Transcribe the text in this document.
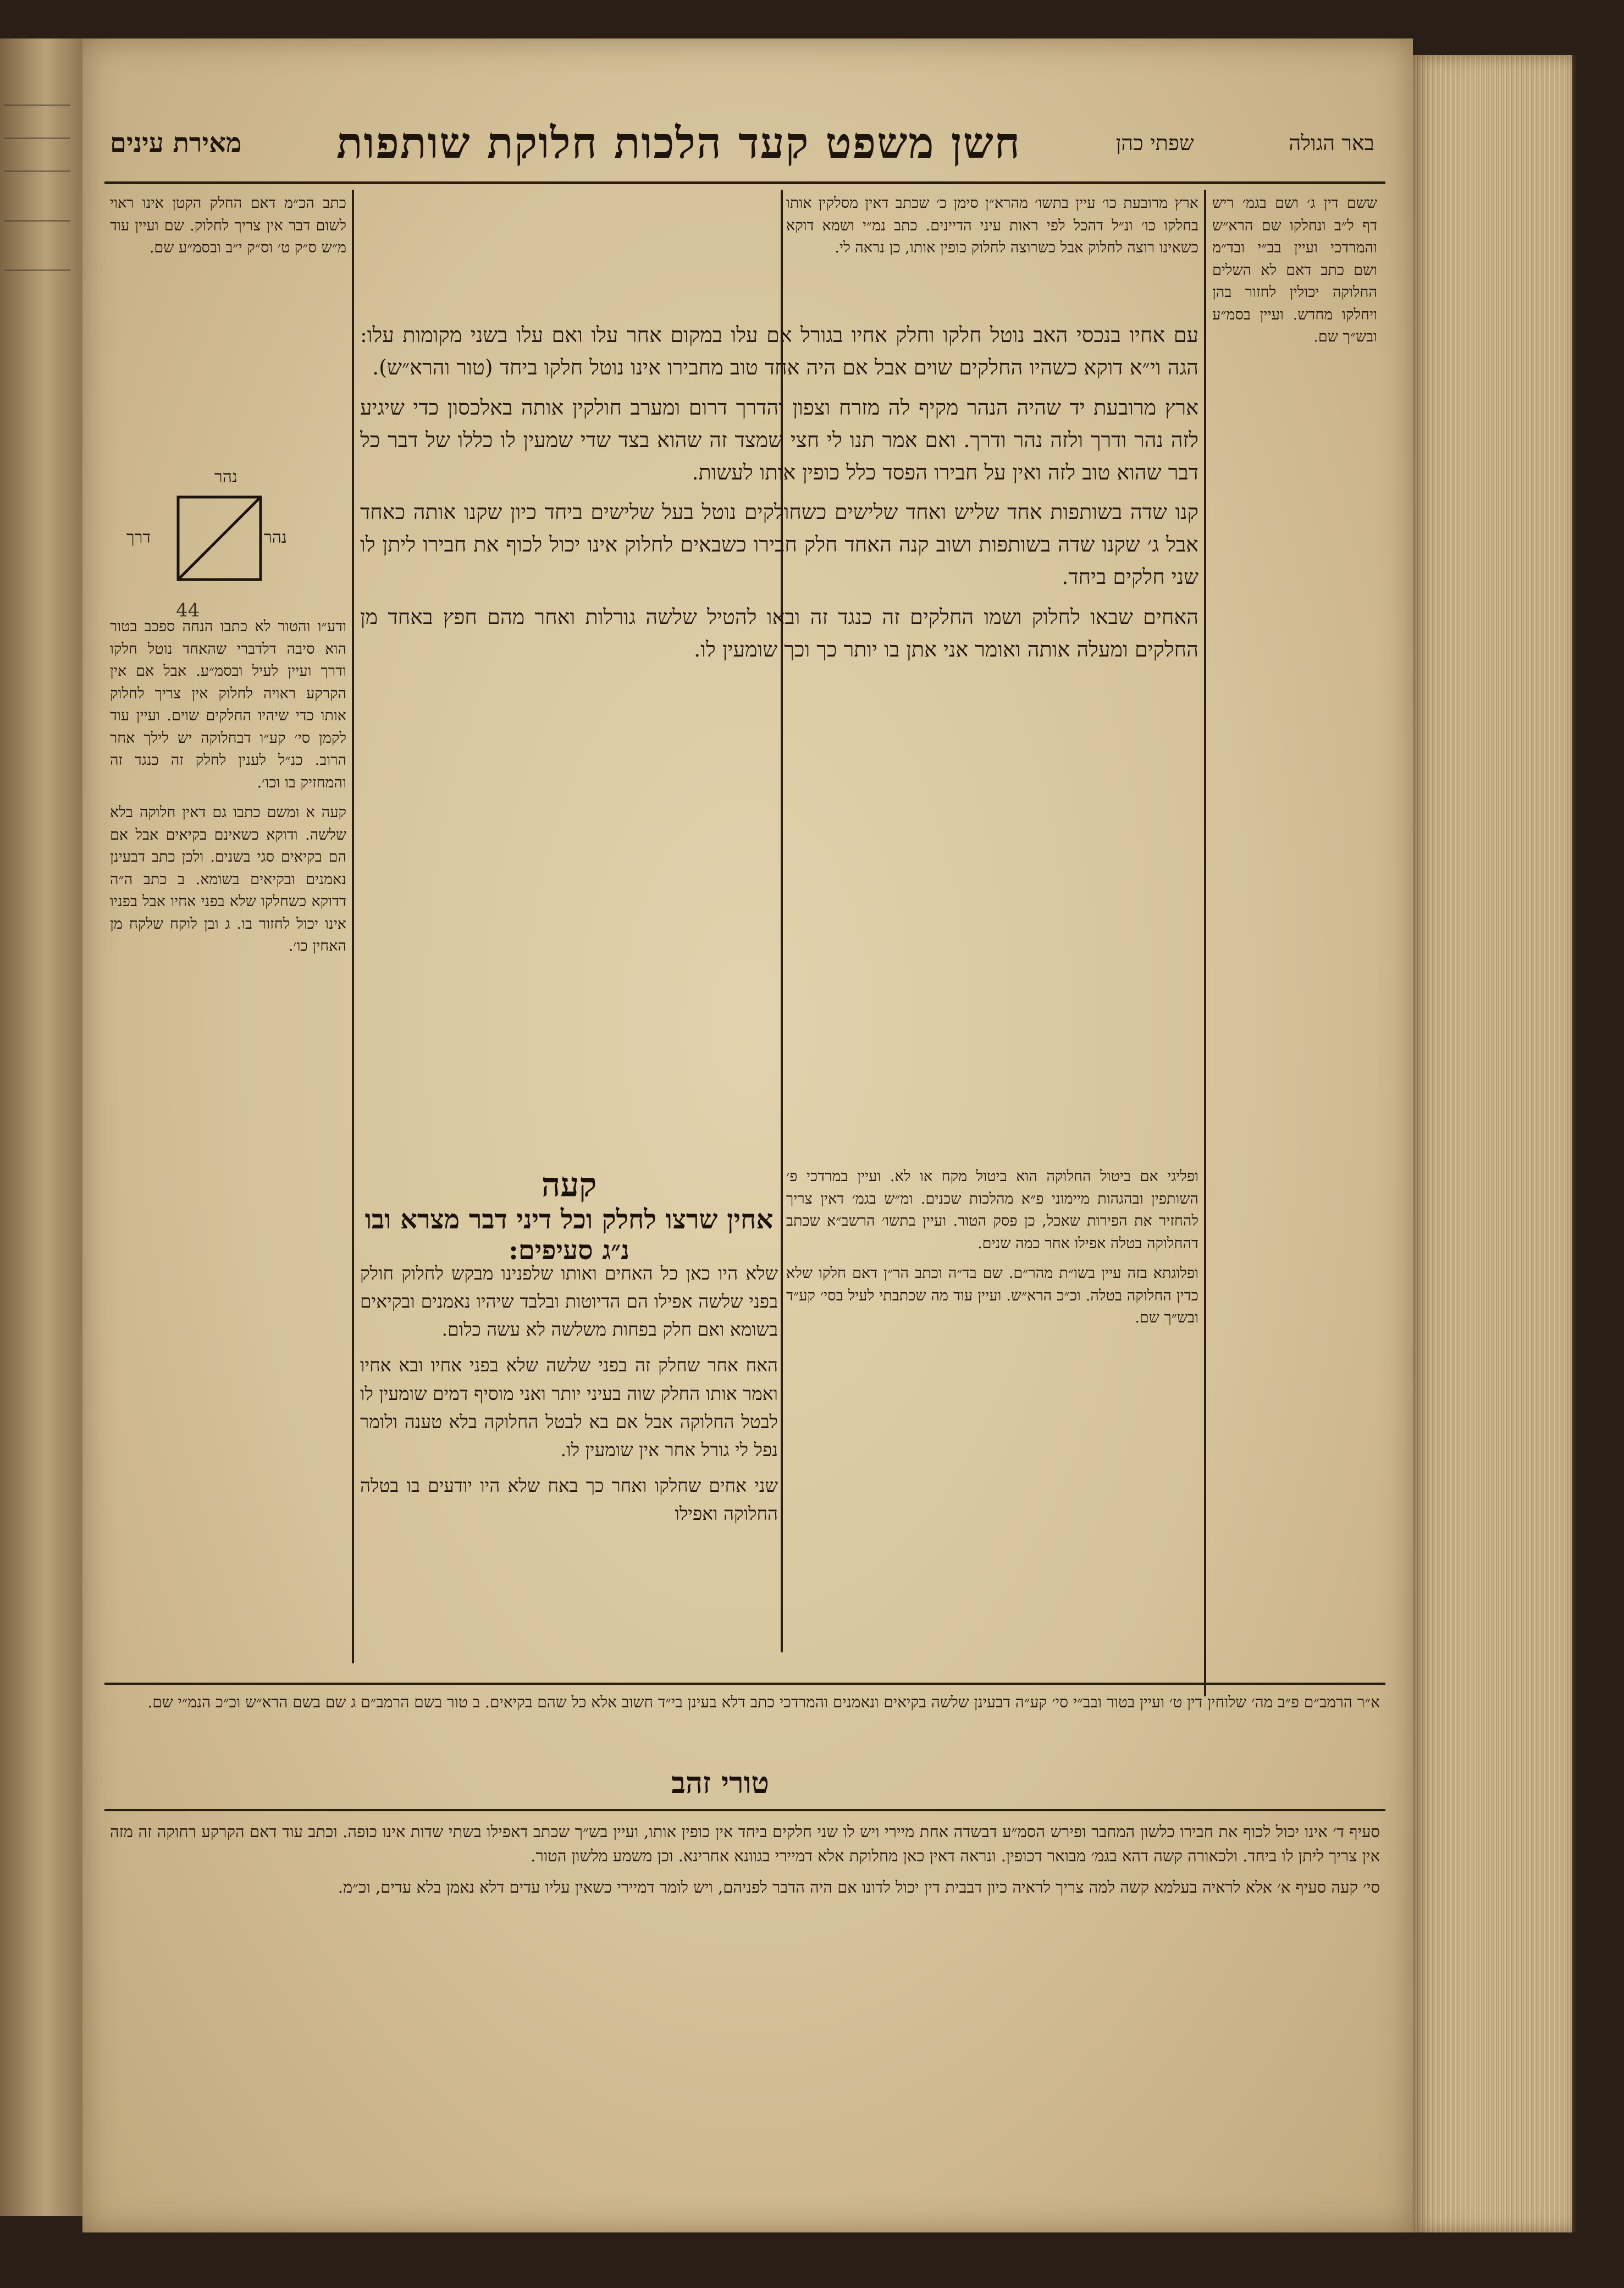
באר הגולה
שפתי כהן
חשן משפט קעד הלכות חלוקת שותפות
מאירת עינים

ששם דין ג׳ ושם בגמ׳ ריש דף ל״ב ונחלקו שם הרא״ש והמרדכי ועיין בב״י ובד״מ ושם כתב דאם לא השלים החלוקה יכולין לחזור בהן ויחלקו מחדש. ועיין בסמ״ע ובש״ך שם.

ארץ מרובעת כו׳ עיין בתשו׳ מהרא״ן סימן כ׳ שכתב דאין מסלקין אותו בחלקו כו׳ ונ״ל דהכל לפי ראות עיני הדיינים. כתב נמ״י ושמא דוקא כשאינו רוצה לחלוק אבל כשרוצה לחלוק כופין אותו, כן נראה לי.

כתב הכ״מ דאם החלק הקטן אינו ראוי לשום דבר אין צריך לחלוק. שם ועיין עוד מ״ש ס״ק ט׳ וס״ק י״ב ובסמ״ע שם.

נהר
נהר
דרך
44

עם אחיו בנכסי האב נוטל חלקו וחלק אחיו בגורל אם עלו במקום אחר עלו ואם עלו בשני מקומות עלו: הגה וי״א דוקא כשהיו החלקים שוים אבל אם היה אחד טוב מחבירו אינו נוטל חלקו ביחד (טור והרא״ש).

ארץ מרובעת יד שהיה הנהר מקיף לה מזרח וצפון והדרך דרום ומערב חולקין אותה באלכסון כדי שיגיע לזה נהר ודרך ולזה נהר ודרך. ואם אמר תנו לי חצי שמצד זה שהוא בצד שדי שמעין לו כללו של דבר כל דבר שהוא טוב לזה ואין על חבירו הפסד כלל כופין אותו לעשות.

קנו שדה בשותפות אחד שליש ואחד שלישים כשחולקים נוטל בעל שלישים ביחד כיון שקנו אותה כאחד אבל ג׳ שקנו שדה בשותפות ושוב קנה האחד חלק חבירו כשבאים לחלוק אינו יכול לכוף את חבירו ליתן לו שני חלקים ביחד.

האחים שבאו לחלוק ושמו החלקים זה כנגד זה ובאו להטיל שלשה גורלות ואחר מהם חפץ באחד מן החלקים ומעלה אותה ואומר אני אתן בו יותר כך וכך שומעין לו.

ודע״ו והטור לא כתבו הנחה ספכב בטור הוא סיבה דלדברי שהאחד נוטל חלקו ודרך ועיין לעיל ובסמ״ע. אבל אם אין הקרקע ראויה לחלוק אין צריך לחלוק אותו כדי שיהיו החלקים שוים. ועיין עוד לקמן סי׳ קע״ו דבחלוקה יש לילך אחר הרוב. כנ״ל לענין לחלק זה כנגד זה והמחזיק בו וכו׳.

קעה א ומשם כתבו גם דאין חלוקה בלא שלשה. ודוקא כשאינם בקיאים אבל אם הם בקיאים סגי בשנים. ולכן כתב דבעינן נאמנים ובקיאים בשומא. ב כתב ה״ה דדוקא כשחלקו שלא בפני אחיו אבל בפניו אינו יכול לחזור בו. ג ובן לוקח שלקח מן האחין כו׳.

ופליגי אם ביטול החלוקה הוא ביטול מקח או לא. ועיין במרדכי פ׳ השותפין ובהגהות מיימוני פ״א מהלכות שכנים. ומ״ש בגמ׳ דאין צריך להחזיר את הפירות שאכל, כן פסק הטור. ועיין בתשו׳ הרשב״א שכתב דהחלוקה בטלה אפילו אחר כמה שנים.

ופלוגתא בזה עיין בשו״ת מהר״ם. שם בד״ה וכתב הר״ן דאם חלקו שלא כדין החלוקה בטלה. וכ״כ הרא״ש. ועיין עוד מה שכתבתי לעיל בסי׳ קע״ד ובש״ך שם.

קעה
אחין שרצו לחלק וכל דיני דבר מצרא ובו נ״ג סעיפים:

שלא היו כאן כל האחים ואותו שלפנינו מבקש לחלוק חולק בפני שלשה אפילו הם הדיוטות ובלבד שיהיו נאמנים ובקיאים בשומא ואם חלק בפחות משלשה לא עשה כלום.

האח אחר שחלק זה בפני שלשה שלא בפני אחיו ובא אחיו ואמר אותו החלק שוה בעיני יותר ואני מוסיף דמים שומעין לו לבטל החלוקה אבל אם בא לבטל החלוקה בלא טענה ולומר נפל לי גורל אחר אין שומעין לו.

שני אחים שחלקו ואחר כך באח שלא היו יודעים בו בטלה החלוקה ואפילו

א״ר הרמב״ם פ״ב מה׳ שלוחין דין ט׳ ועיין בטור ובב״י סי׳ קע״ה דבעינן שלשה בקיאים ונאמנים והמרדכי כתב דלא בעינן בי״ד חשוב אלא כל שהם בקיאים. ב טור בשם הרמב״ם ג שם בשם הרא״ש וכ״כ הנמ״י שם.

טורי זהב

סעיף ד׳ אינו יכול לכוף את חבירו כלשון המחבר ופירש הסמ״ע דבשדה אחת מיירי ויש לו שני חלקים ביחד אין כופין אותו, ועיין בש״ך שכתב דאפילו בשתי שדות אינו כופה. וכתב עוד דאם הקרקע רחוקה זה מזה אין צריך ליתן לו ביחד. ולכאורה קשה דהא בגמ׳ מבואר דכופין. ונראה דאין כאן מחלוקת אלא דמיירי בגוונא אחרינא. וכן משמע מלשון הטור.

סי׳ קעה סעיף א׳ אלא לראיה בעלמא קשה למה צריך לראיה כיון דבבית דין יכול לדונו אם היה הדבר לפניהם, ויש לומר דמיירי כשאין עליו עדים דלא נאמן בלא עדים, וכ״מ.
